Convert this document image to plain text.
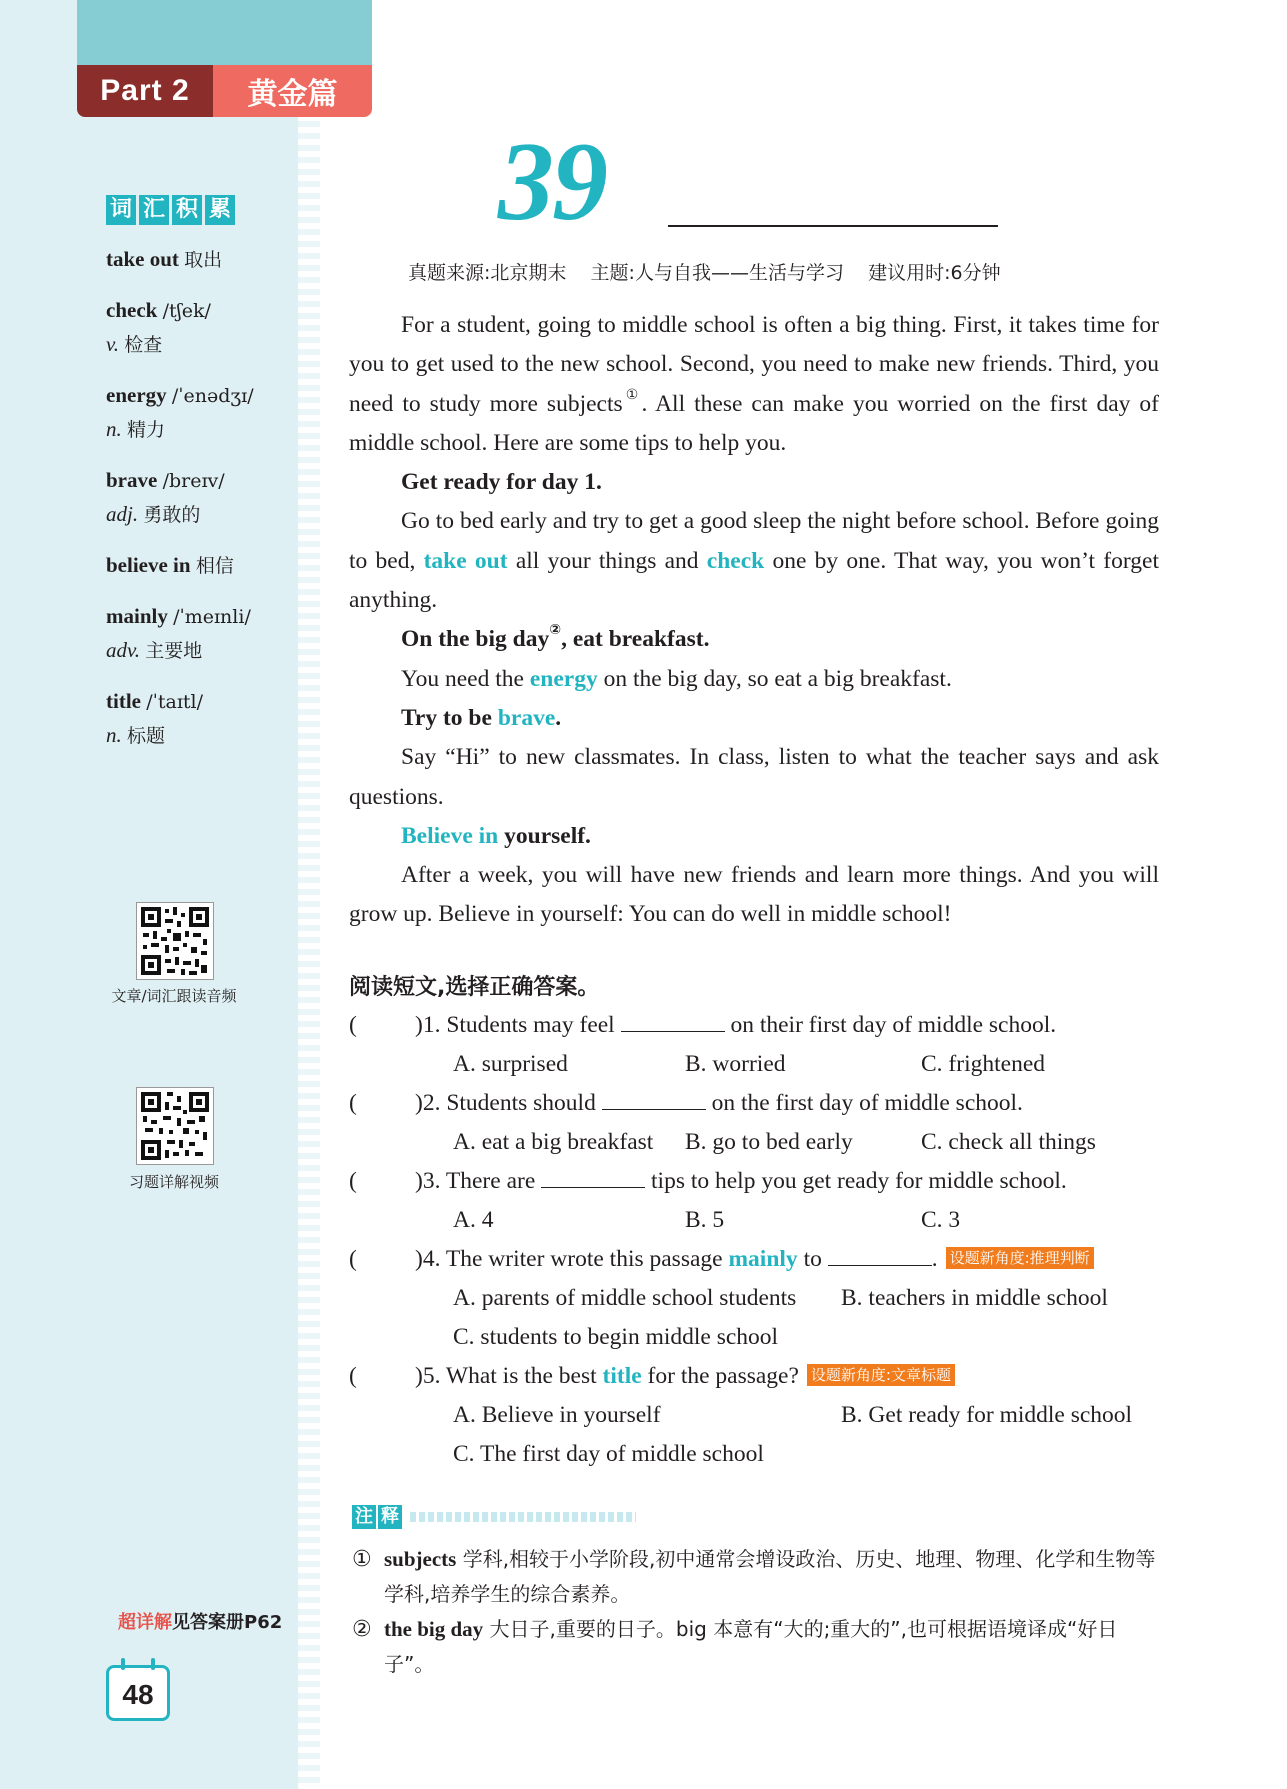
Part 2	黄金篇
词 汇 积 累
take out 取出
check /tʃek/
v. 检查
energy /ˈenədʒɪ/
n. 精力
brave /breɪv/
adj. 勇敢的
believe in 相信
mainly /ˈmeɪnli/
adv. 主要地
title /ˈtaɪtl/
n. 标题
文章/词汇跟读音频
习题详解视频
超详解见答案册P62
48
39
真题来源:北京期末    主题:人与自我——生活与学习    建议用时:6分钟

For a student, going to middle school is often a big thing. First, it takes time for you to get used to the new school. Second, you need to make new friends. Third, you need to study more subjects①. All these can make you worried on the first day of middle school. Here are some tips to help you.

Get ready for day 1.

Go to bed early and try to get a good sleep the night before school. Before going to bed, take out all your things and check one by one. That way, you won’t forget anything.

On the big day②, eat breakfast.

You need the energy on the big day, so eat a big breakfast.

Try to be brave.

Say “Hi” to new classmates. In class, listen to what the teacher says and ask questions.

Believe in yourself.

After a week, you will have new friends and learn more things. And you will grow up. Believe in yourself: You can do well in middle school!

阅读短文,选择正确答案。
( )1. Students may feel	on their first day of middle school.
A. surprised	B. worried	C. frightened
( )2. Students should	on the first day of middle school.
A. eat a big breakfast B. go to bed early	C. check all things
( )3. There are	tips to help you get ready for middle school.
A. 4	B. 5	C. 3
( )4. The writer wrote this passage mainly to	. 设题新角度:推理判断
A. parents of middle school students B. teachers in middle school
C. students to begin middle school
( )5. What is the best title for the passage? 设题新角度:文章标题
A. Believe in yourself	B. Get ready for middle school
C. The first day of middle school
注 释
① subjects 学科,相较于小学阶段,初中通常会增设政治、历史、地理、物理、化学和生物等学科,培养学生的综合素养。
② the big day 大日子,重要的日子。big 本意有“大的;重大的”,也可根据语境译成“好日子”。
